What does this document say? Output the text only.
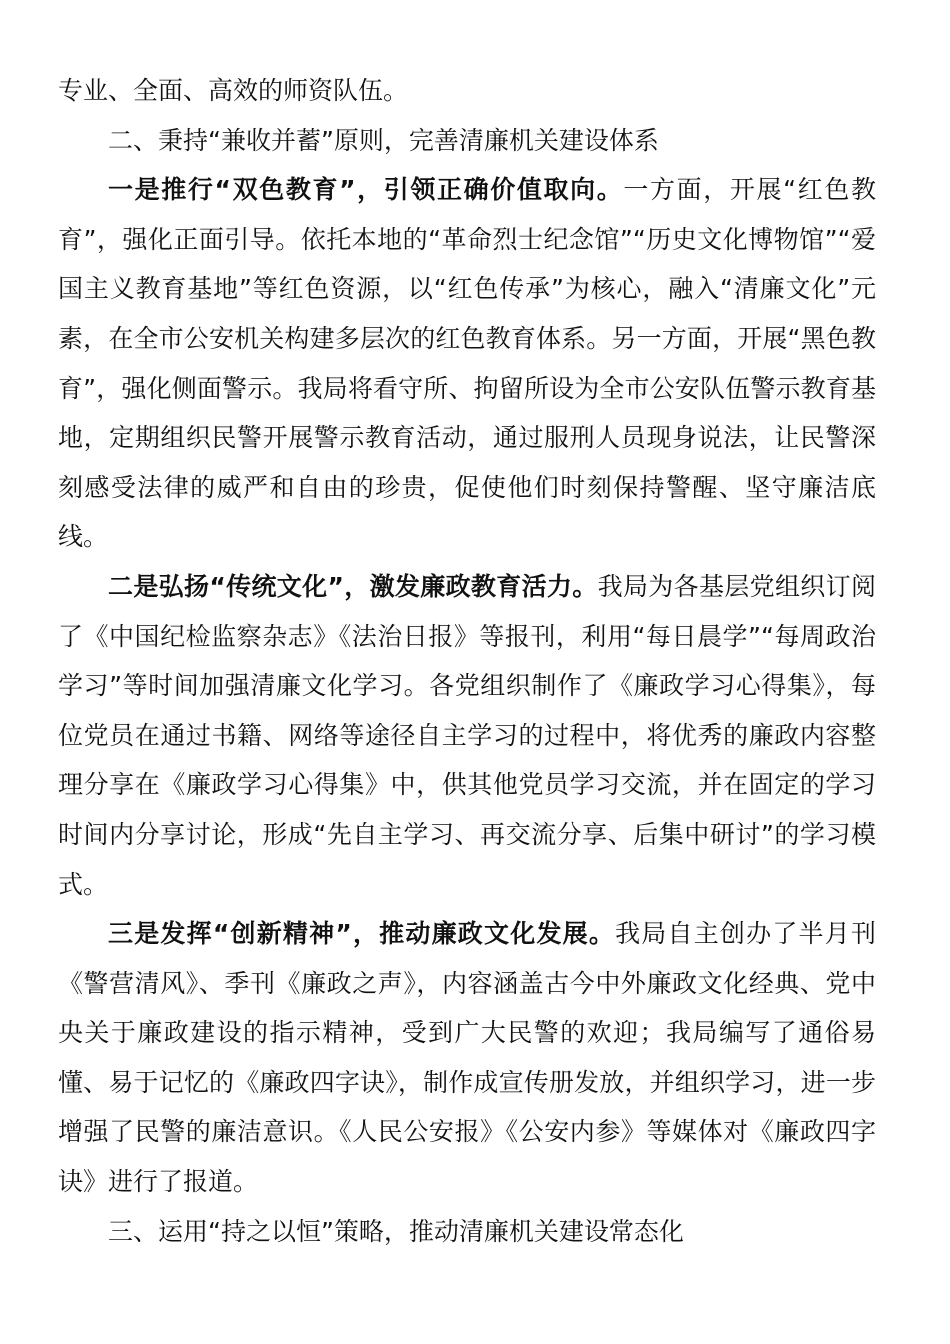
专业、全面、高效的师资队伍。

二、秉持“兼收并蓄”原则，完善清廉机关建设体系

一是推行“双色教育”，引领正确价值取向。一方面，开展“红色教育”，强化正面引导。依托本地的“革命烈士纪念馆”“历史文化博物馆”“爱国主义教育基地”等红色资源，以“红色传承”为核心，融入“清廉文化”元素，在全市公安机关构建多层次的红色教育体系。另一方面，开展“黑色教育”，强化侧面警示。我局将看守所、拘留所设为全市公安队伍警示教育基地，定期组织民警开展警示教育活动，通过服刑人员现身说法，让民警深刻感受法律的威严和自由的珍贵，促使他们时刻保持警醒、坚守廉洁底线。

二是弘扬“传统文化”，激发廉政教育活力。我局为各基层党组织订阅了《中国纪检监察杂志》《法治日报》等报刊，利用“每日晨学”“每周政治学习”等时间加强清廉文化学习。各党组织制作了《廉政学习心得集》，每位党员在通过书籍、网络等途径自主学习的过程中，将优秀的廉政内容整理分享在《廉政学习心得集》中，供其他党员学习交流，并在固定的学习时间内分享讨论，形成“先自主学习、再交流分享、后集中研讨”的学习模式。

三是发挥“创新精神”，推动廉政文化发展。我局自主创办了半月刊《警营清风》、季刊《廉政之声》，内容涵盖古今中外廉政文化经典、党中央关于廉政建设的指示精神，受到广大民警的欢迎；我局编写了通俗易懂、易于记忆的《廉政四字诀》，制作成宣传册发放，并组织学习，进一步增强了民警的廉洁意识。《人民公安报》《公安内参》等媒体对《廉政四字诀》进行了报道。

三、运用“持之以恒”策略，推动清廉机关建设常态化
